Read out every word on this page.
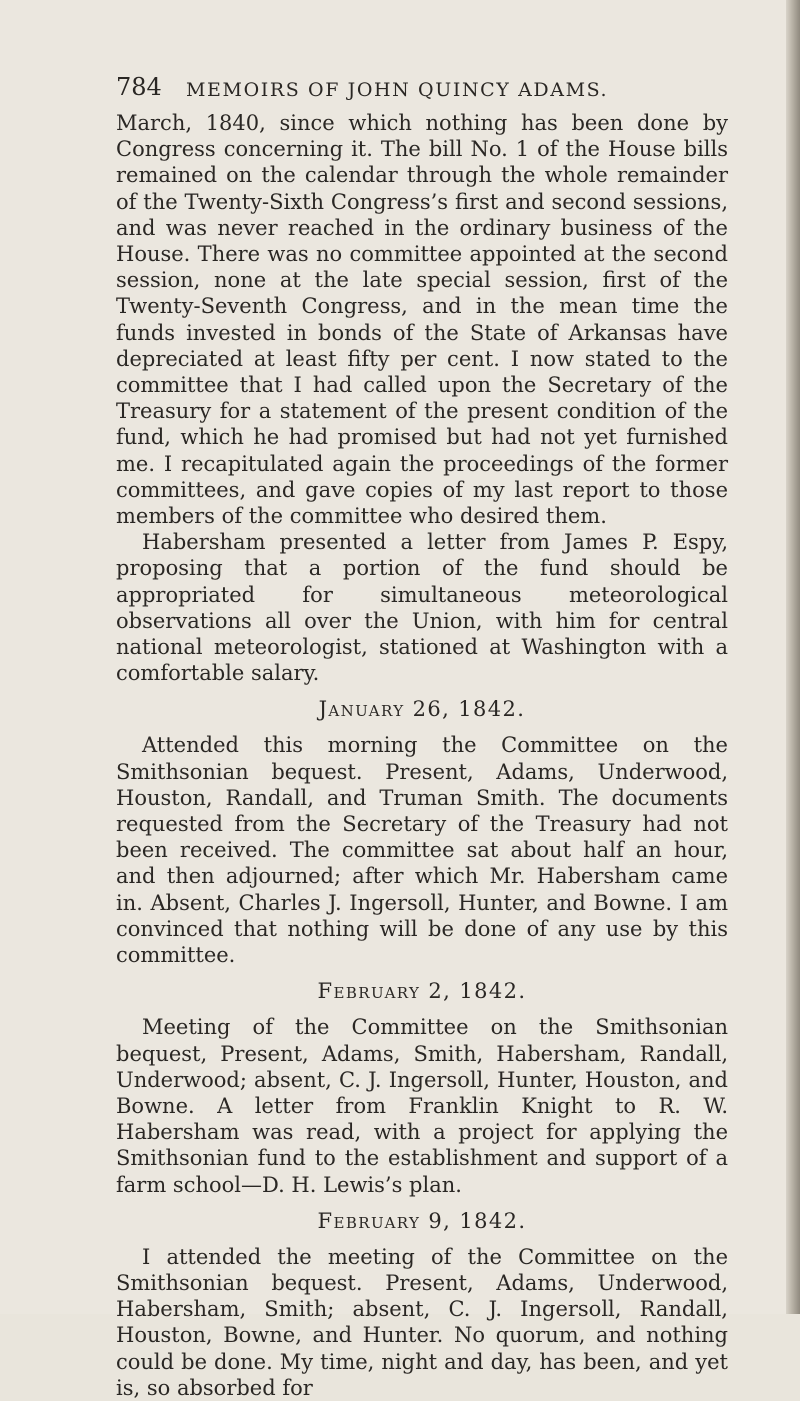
784 MEMOIRS OF JOHN QUINCY ADAMS.

March, 1840, since which nothing has been done by Congress concerning it. The bill No. 1 of the House bills remained on the calendar through the whole remainder of the Twenty-Sixth Congress’s first and second sessions, and was never reached in the ordinary business of the House. There was no committee appointed at the second session, none at the late special session, first of the Twenty-Seventh Congress, and in the mean time the funds invested in bonds of the State of Arkansas have depreciated at least fifty per cent. I now stated to the committee that I had called upon the Secretary of the Treasury for a statement of the present condition of the fund, which he had promised but had not yet furnished me. I recapitulated again the proceedings of the former committees, and gave copies of my last report to those members of the committee who desired them.

Habersham presented a letter from James P. Espy, proposing that a portion of the fund should be appropriated for simultaneous meteorological observations all over the Union, with him for central national meteorologist, stationed at Washington with a comfortable salary.

January 26, 1842.

Attended this morning the Committee on the Smithsonian bequest. Present, Adams, Underwood, Houston, Randall, and Truman Smith. The documents requested from the Secretary of the Treasury had not been received. The committee sat about half an hour, and then adjourned; after which Mr. Habersham came in. Absent, Charles J. Ingersoll, Hunter, and Bowne. I am convinced that nothing will be done of any use by this committee.

February 2, 1842.

Meeting of the Committee on the Smithsonian bequest, Present, Adams, Smith, Habersham, Randall, Underwood; absent, C. J. Ingersoll, Hunter, Houston, and Bowne. A letter from Franklin Knight to R. W. Habersham was read, with a project for applying the Smithsonian fund to the establishment and support of a farm school—D. H. Lewis’s plan.

February 9, 1842.

I attended the meeting of the Committee on the Smithsonian bequest. Present, Adams, Underwood, Habersham, Smith; absent, C. J. Ingersoll, Randall, Houston, Bowne, and Hunter. No quorum, and nothing could be done. My time, night and day, has been, and yet is, so absorbed for
